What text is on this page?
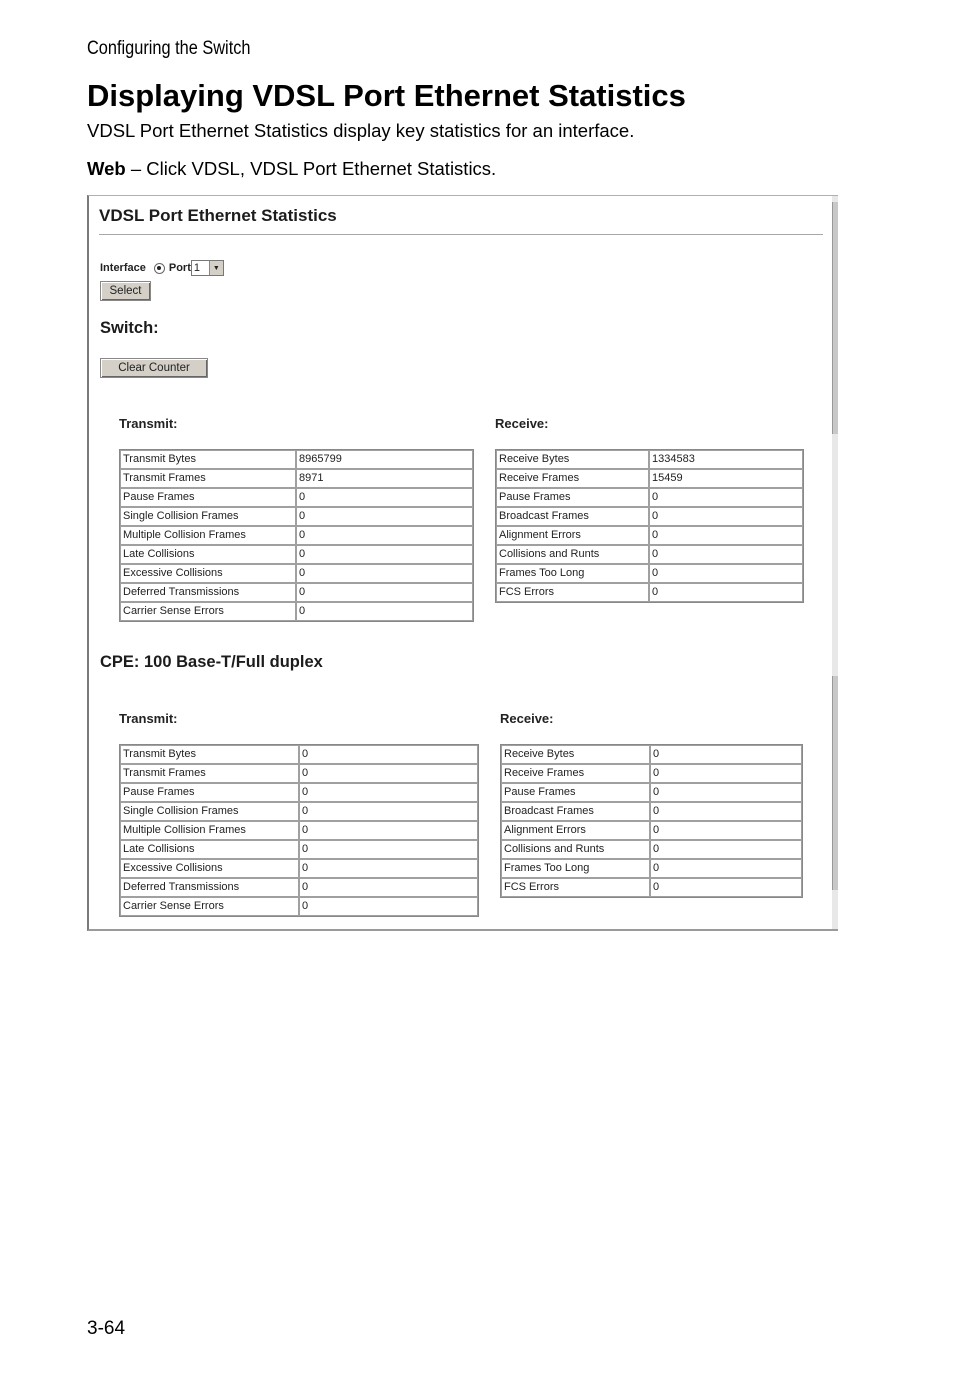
Configuring the Switch
Displaying VDSL Port Ethernet Statistics

VDSL Port Ethernet Statistics display key statistics for an interface.

Web – Click VDSL, VDSL Port Ethernet Statistics.

VDSL Port Ethernet Statistics
Interface Port 1	▼
Select
Switch:
Clear Counter
Transmit:	Receive:
Transmit Bytes	8965799
Transmit Frames	8971
Pause Frames	0
Single Collision Frames	0
Multiple Collision Frames	0
Late Collisions	0
Excessive Collisions	0
Deferred Transmissions	0
Carrier Sense Errors	0
Receive Bytes	1334583
Receive Frames	15459
Pause Frames	0
Broadcast Frames	0
Alignment Errors	0
Collisions and Runts	0
Frames Too Long	0
FCS Errors	0
CPE: 100 Base-T/Full duplex
Transmit:	Receive:
Transmit Bytes	0
Transmit Frames	0
Pause Frames	0
Single Collision Frames	0
Multiple Collision Frames	0
Late Collisions	0
Excessive Collisions	0
Deferred Transmissions	0
Carrier Sense Errors	0
Receive Bytes	0
Receive Frames	0
Pause Frames	0
Broadcast Frames	0
Alignment Errors	0
Collisions and Runts	0
Frames Too Long	0
FCS Errors	0
3-64
